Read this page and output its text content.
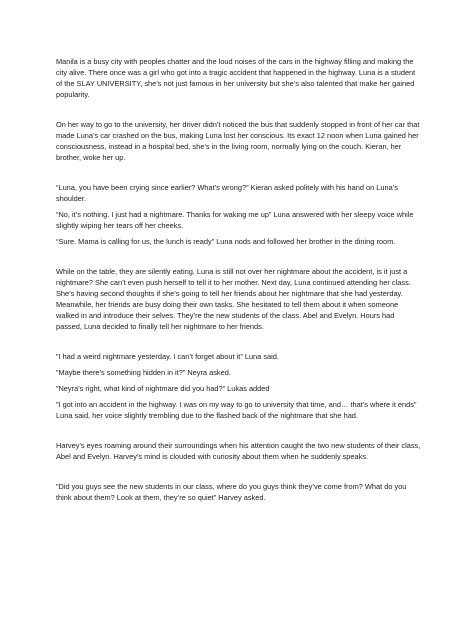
Manila is a busy city with peoples chatter and the loud noises of the cars in the highway filling and making the city alive. There once was a girl who got into a tragic accident that happened in the highway. Luna is a student of the SLAY UNIVERSITY, she’s not just famous in her university but she’s also talented that make her gained popularity.

On her way to go to the university, her driver didn’t noticed the bus that suddenly stopped in front of her car that made Luna’s car crashed on the bus, making Luna lost her conscious. Its exact 12 noon when Luna gained her consciousness, instead in a hospital bed, she’s in the living room, normally lying on the couch. Kieran, her brother, woke her up.

“Luna, you have been crying since earlier? What’s wrong?” Kieran asked politely with his hand on Luna’s shoulder.

“No, it’s nothing. I just had a nightmare. Thanks for waking me up” Luna answered with her sleepy voice while slightly wiping her tears off her cheeks.

“Sure. Mama is calling for us, the lunch is ready” Luna nods and followed her brother in the dining room.

While on the table, they are silently eating. Luna is still not over her nightmare about the accident, is it just a nightmare? She can’t even push herself to tell it to her mother. Next day, Luna continued attending her class. She’s having second thoughts if she’s going to tell her friends about her nightmare that she had yesterday. Meanwhile, her friends are busy doing their own tasks. She hesitated to tell them about it when someone walked in and introduce their selves. They’re the new students of the class. Abel and Evelyn. Hours had passed, Luna decided to finally tell her nightmare to her friends.

”I had a weird nightmare yesterday. I can’t forget about it” Luna said.

”Maybe there’s something hidden in it?” Neyra asked.

”Neyra’s right, what kind of nightmare did you had?” Lukas added

”I got into an accident in the highway. I was on my way to go to university that time, and… that’s where it ends” Luna said, her voice slightly trembling due to the flashed back of the nightmare that she had.

Harvey’s eyes roaming around their surroundings when his attention caught the two new students of their class, Abel and Evelyn. Harvey’s mind is clouded with curiosity about them when he suddenly speaks.

”Did you guys see the new students in our class, where do you guys think they’ve come from? What do you think about them? Look at them, they’re so quiet” Harvey asked.
